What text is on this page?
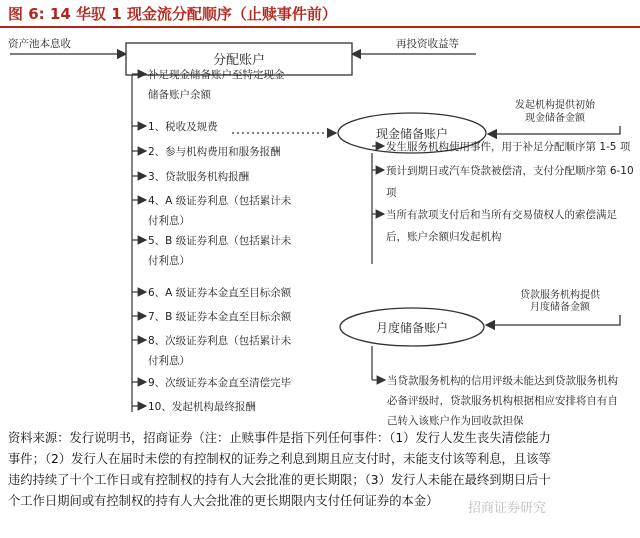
图 6: 14 华驭 1 现金流分配顺序（止赎事件前）
资产池本息收	再投资收益等
分配账户
补足现金储备账户至特定现金
储备账户余额
1、税收及规费
2、参与机构费用和服务报酬
3、贷款服务机构报酬
4、A 级证券利息（包括累计未
付利息）
5、B 级证券利息（包括累计未
付利息）
6、A 级证券本金直至目标余额
7、B 级证券本金直至目标余额
8、次级证券利息（包括累计未
付利息）
9、次级证券本金直至清偿完毕
10、发起机构最终报酬
现金储备账户
发起机构提供初始
现金储备金额
发生服务机构使用事件，用于补足分配顺序第 1-5 项
预计到期日或汽车贷款被偿清，支付分配顺序第 6-10
项
当所有款项支付后和当所有交易债权人的索偿满足
后，账户余额归发起机构
月度储备账户
贷款服务机构提供
月度储备金额
当贷款服务机构的信用评级未能达到贷款服务机构
必备评级时，贷款服务机构根据相应安排将自有自
己转入该账户作为回收款担保
资料来源：发行说明书，招商证券（注：止赎事件是指下列任何事件：（1）发行人发生丧失清偿能力
事件；（2）发行人在届时未偿的有控制权的证券之利息到期且应支付时，未能支付该等利息，且该等
违约持续了十个工作日或有控制权的持有人大会批准的更长期限；（3）发行人未能在最终到期日后十
个工作日期间或有控制权的持有人大会批准的更长期限内支付任何证券的本金）	招商证券研究
